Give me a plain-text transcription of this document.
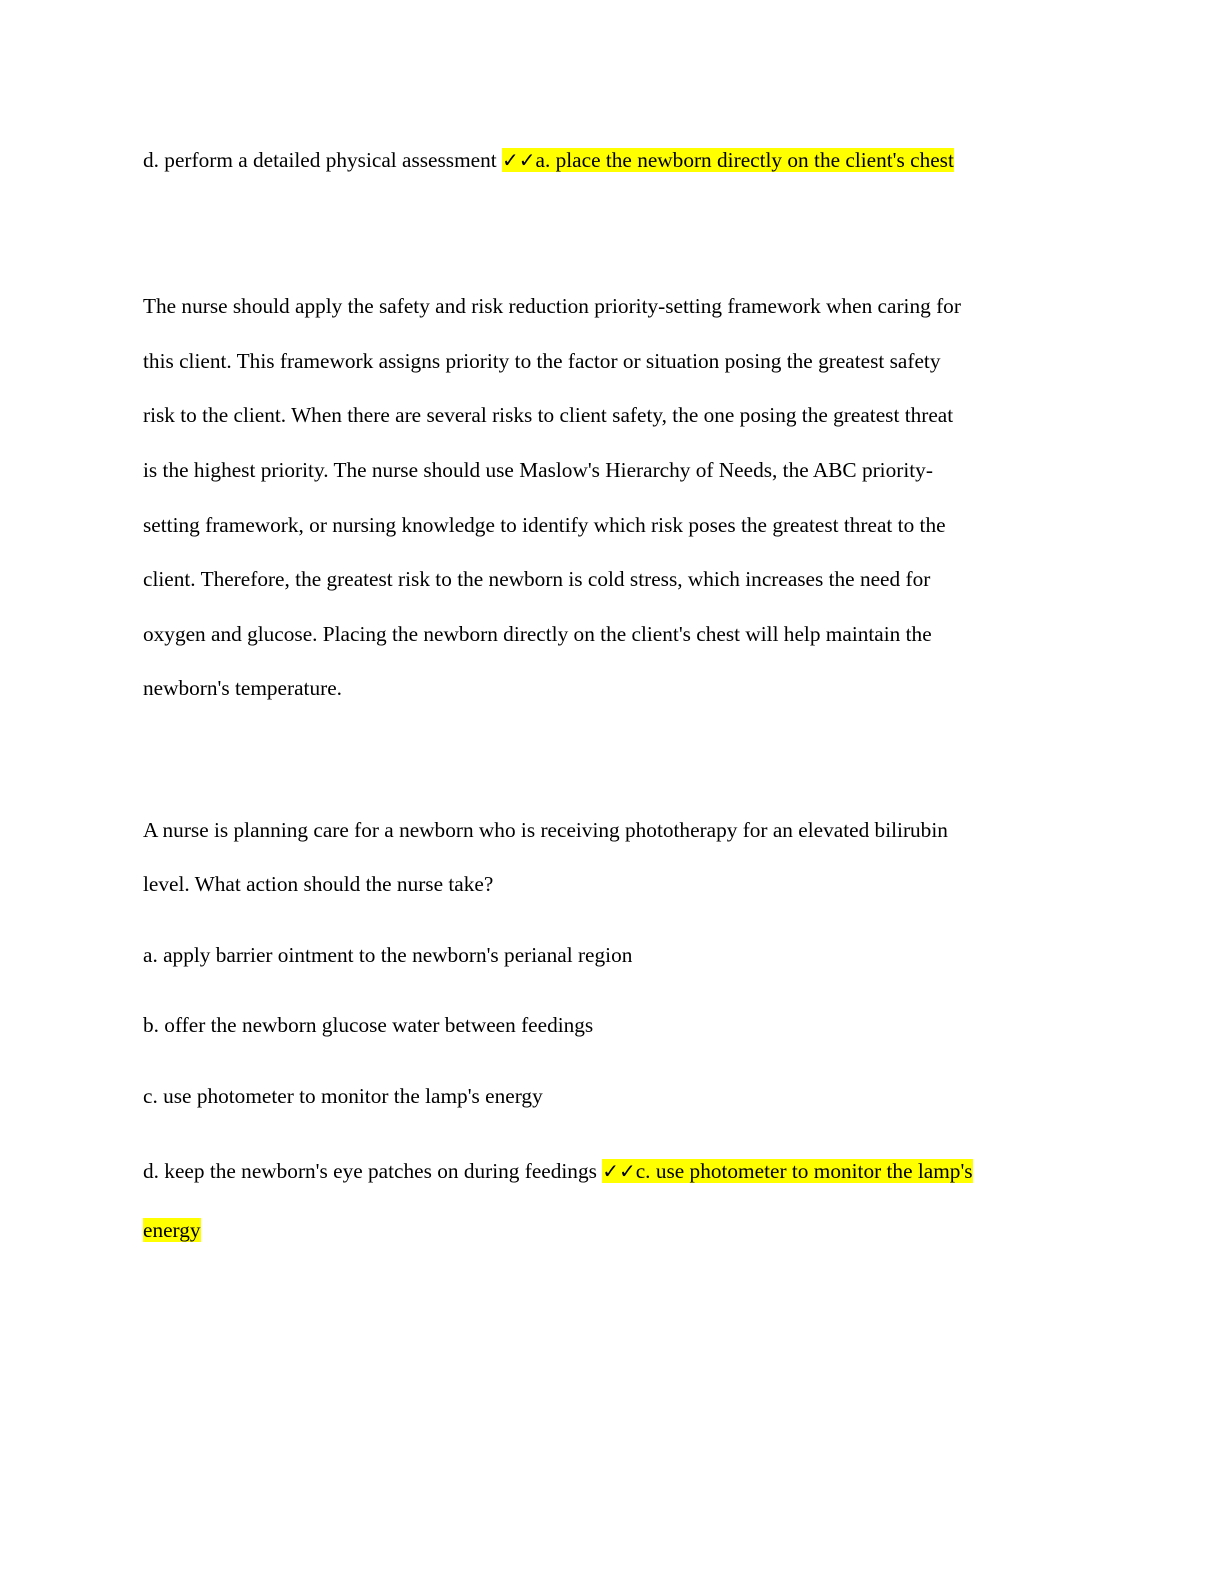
d. perform a detailed physical assessment ✓✓a. place the newborn directly on the client's chest
The nurse should apply the safety and risk reduction priority-setting framework when caring for
this client. This framework assigns priority to the factor or situation posing the greatest safety
risk to the client. When there are several risks to client safety, the one posing the greatest threat
is the highest priority. The nurse should use Maslow's Hierarchy of Needs, the ABC priority-
setting framework, or nursing knowledge to identify which risk poses the greatest threat to the
client. Therefore, the greatest risk to the newborn is cold stress, which increases the need for
oxygen and glucose. Placing the newborn directly on the client's chest will help maintain the
newborn's temperature.
A nurse is planning care for a newborn who is receiving phototherapy for an elevated bilirubin
level. What action should the nurse take?
a. apply barrier ointment to the newborn's perianal region
b. offer the newborn glucose water between feedings
c. use photometer to monitor the lamp's energy
d. keep the newborn's eye patches on during feedings ✓✓c. use photometer to monitor the lamp's
energy
